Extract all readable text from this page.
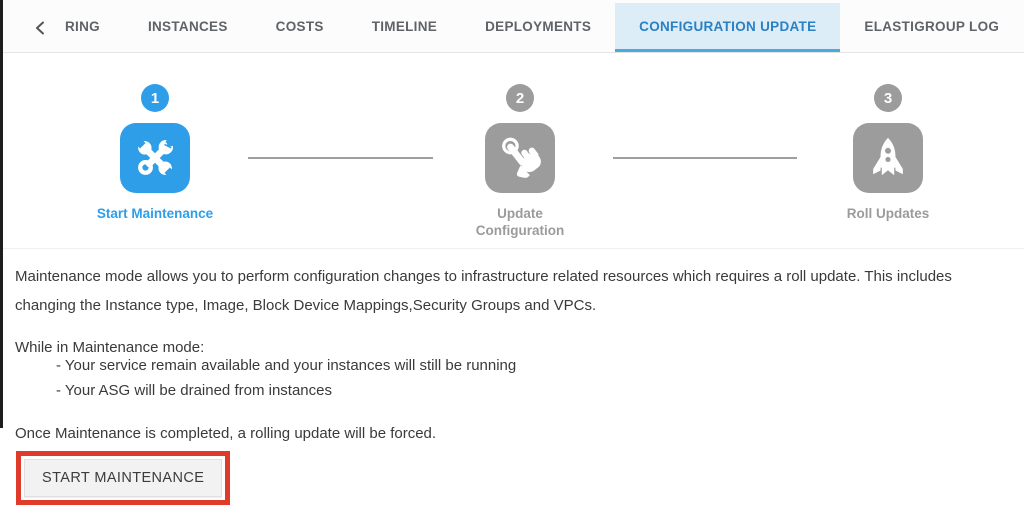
RING	INSTANCES	COSTS	TIMELINE	DEPLOYMENTS	CONFIGURATION UPDATE	ELASTIGROUP LOG
1
Start Maintenance
2
Update Configuration
3
Roll Updates
Maintenance mode allows you to perform configuration changes to infrastructure related resources which requires a roll update. This includes changing the Instance type, Image, Block Device Mappings,Security Groups and VPCs.
While in Maintenance mode:
- Your service remain available and your instances will still be running
- Your ASG will be drained from instances
Once Maintenance is completed, a rolling update will be forced.
START MAINTENANCE
